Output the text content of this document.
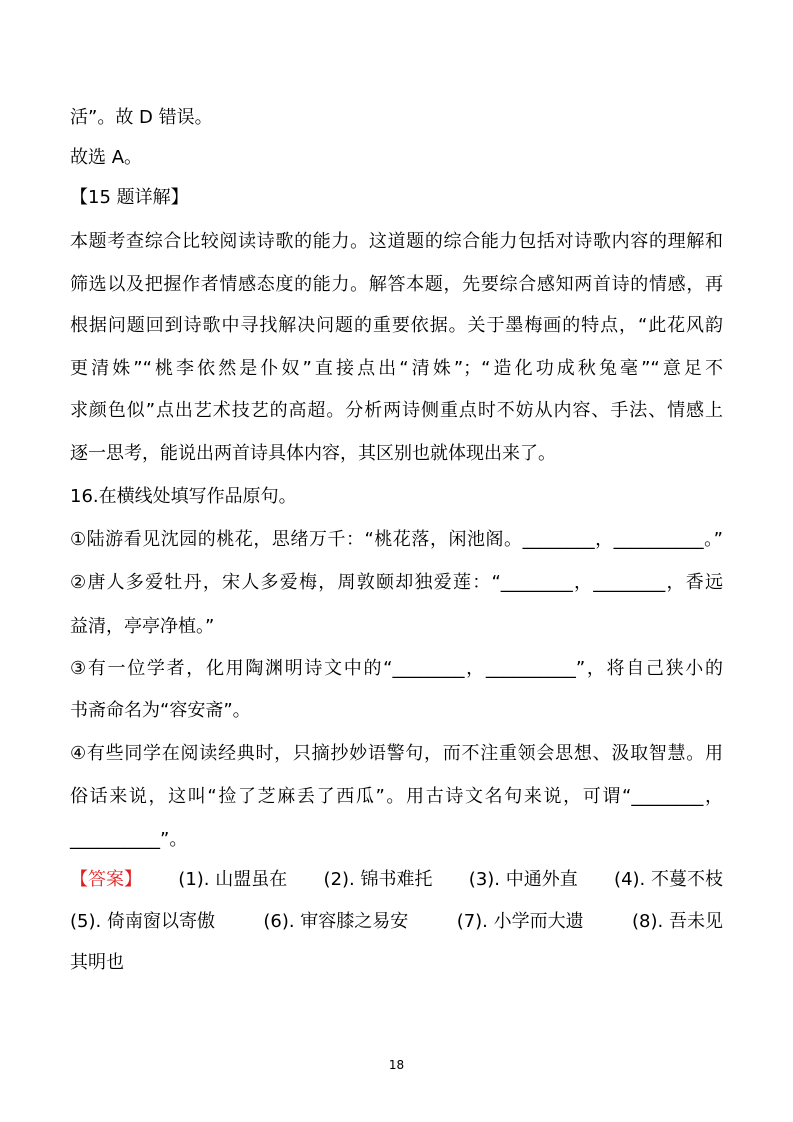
活”。故 D 错误。
故选 A。
【15 题详解】
本题考查综合比较阅读诗歌的能力。这道题的综合能力包括对诗歌内容的理解和
筛选以及把握作者情感态度的能力。解答本题，先要综合感知两首诗的情感，再
根据问题回到诗歌中寻找解决问题的重要依据。关于墨梅画的特点，“此花风韵
更清姝”“桃李依然是仆奴”直接点出“清姝”；“造化功成秋兔毫”“意足不
求颜色似”点出艺术技艺的高超。分析两诗侧重点时不妨从内容、手法、情感上
逐一思考，能说出两首诗具体内容，其区别也就体现出来了。
16.在横线处填写作品原句。
①陆游看见沈园的桃花，思绪万千：“桃花落，闲池阁。________，__________。”
②唐人多爱牡丹，宋人多爱梅，周敦颐却独爱莲：“________，________，香远
益清，亭亭净植。”
③有一位学者，化用陶渊明诗文中的“________，__________”，将自己狭小的
书斋命名为“容安斋”。
④有些同学在阅读经典时，只摘抄妙语警句，而不注重领会思想、汲取智慧。用
俗话来说，这叫“捡了芝麻丢了西瓜”。用古诗文名句来说，可谓“________，
__________”。
【答案】 (1). 山盟虽在 (2). 锦书难托 (3). 中通外直 (4). 不蔓不枝
(5). 倚南窗以寄傲	(6). 审容膝之易安	(7). 小学而大遗	(8). 吾未见
其明也
18
